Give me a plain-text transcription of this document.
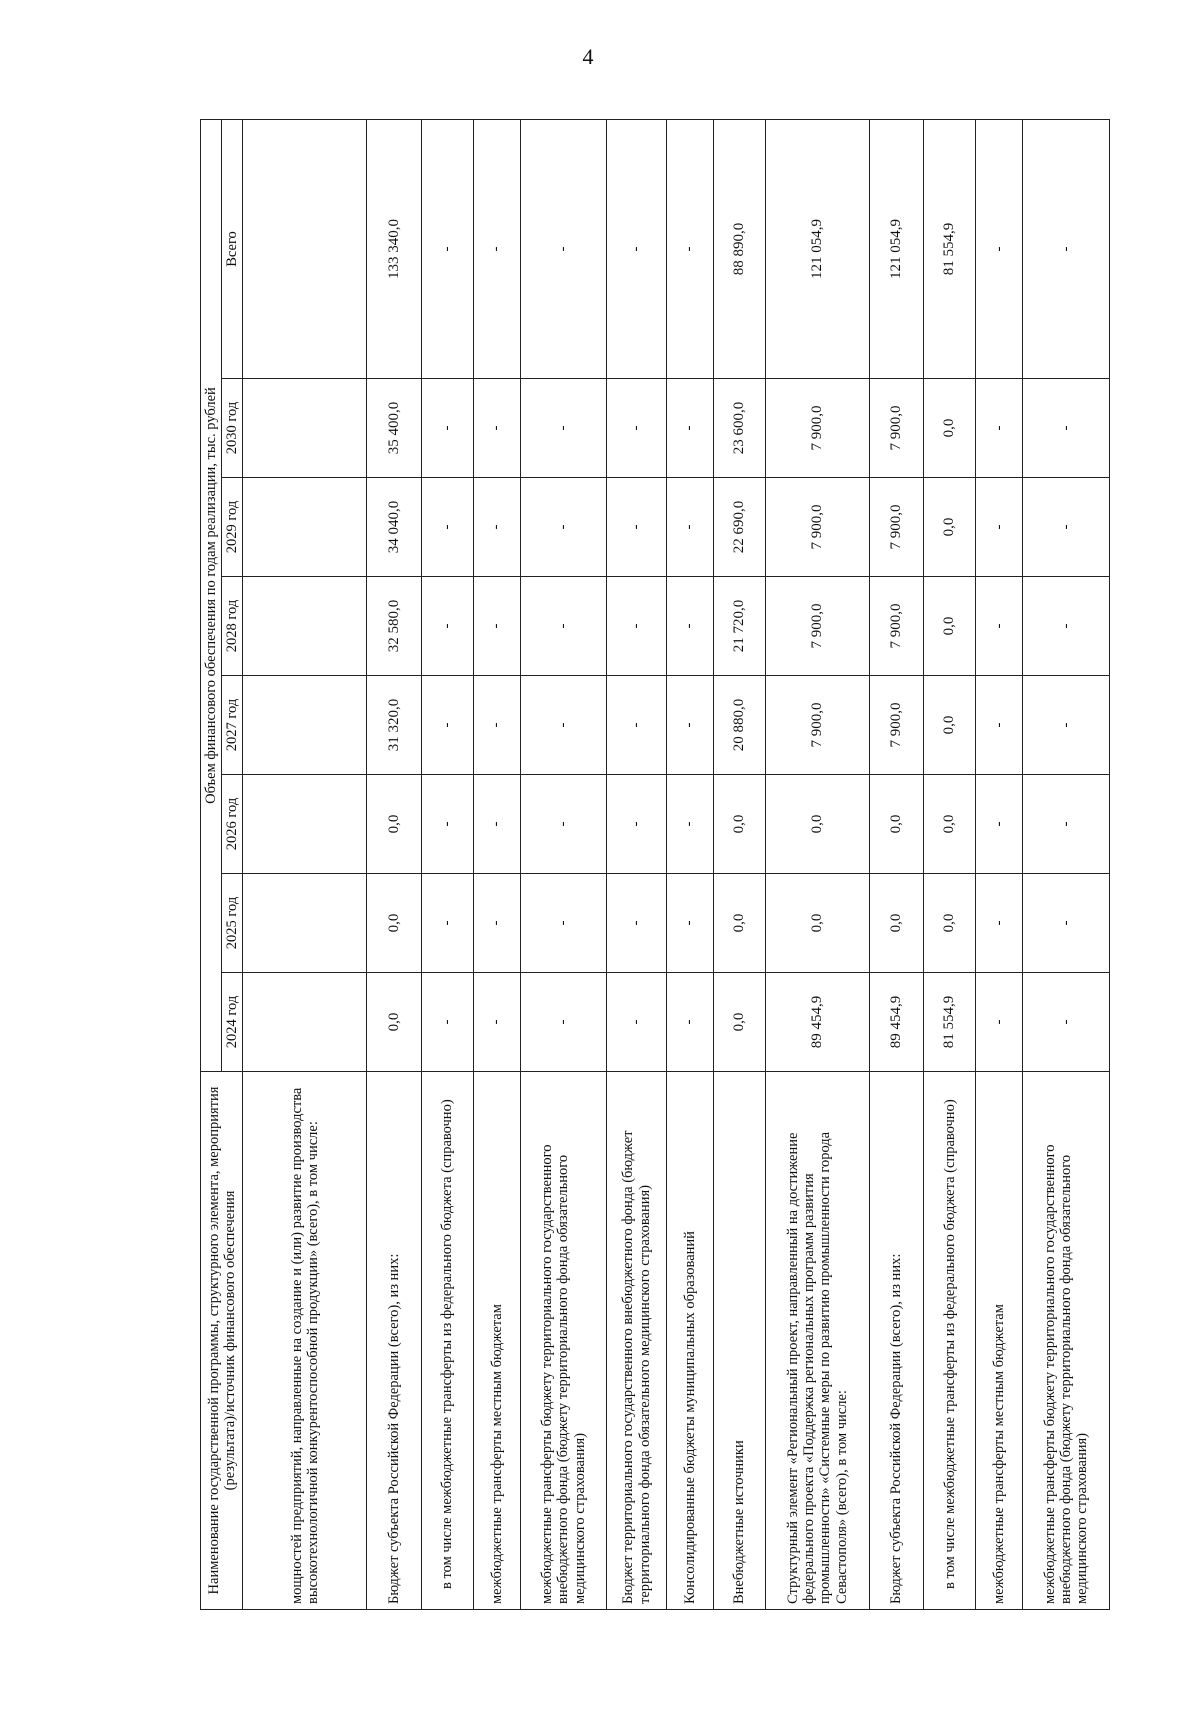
4
Наименование государственной программы, структурного элемента, мероприятия (результата)/источник финансового обеспечения	Объем финансового обеспечения по годам реализации, тыс. рублей							
	2024 год	2025 год	2026 год	2027 год	2028 год	2029 год	2030 год	Всего
мощностей предприятий, направленные на создание и (или) развитие производства высокотехнологичной конкурентоспособной продукции» (всего), в том числе:								
Бюджет субъекта Российской Федерации (всего), из них:	0,0	0,0	0,0	31 320,0	32 580,0	34 040,0	35 400,0	133 340,0
в том числе межбюджетные трансферты из федерального бюджета (справочно)	-	-	-	-	-	-	-	-
межбюджетные трансферты местным бюджетам	-	-	-	-	-	-	-	-
межбюджетные трансферты бюджету территориального государственного внебюджетного фонда (бюджету территориального фонда обязательного медицинского страхования)	-	-	-	-	-	-	-	-
Бюджет территориального государственного внебюджетного фонда (бюджет территориального фонда обязательного медицинского страхования)	-	-	-	-	-	-	-	-
Консолидированные бюджеты муниципальных образований	-	-	-	-	-	-	-	-
Внебюджетные источники	0,0	0,0	0,0	20 880,0	21 720,0	22 690,0	23 600,0	88 890,0
Структурный элемент «Региональный проект, направленный на достижение федерального проекта «Поддержка региональных программ развития промышленности» «Системные меры по развитию промышленности города Севастополя» (всего), в том числе:	89 454,9	0,0	0,0	7 900,0	7 900,0	7 900,0	7 900,0	121 054,9
Бюджет субъекта Российской Федерации (всего), из них:	89 454,9	0,0	0,0	7 900,0	7 900,0	7 900,0	7 900,0	121 054,9
в том числе межбюджетные трансферты из федерального бюджета (справочно)	81 554,9	0,0	0,0	0,0	0,0	0,0	0,0	81 554,9
межбюджетные трансферты местным бюджетам	-	-	-	-	-	-	-	-
межбюджетные трансферты бюджету территориального государственного внебюджетного фонда (бюджету территориального фонда обязательного медицинского страхования)	-	-	-	-	-	-	-	-
